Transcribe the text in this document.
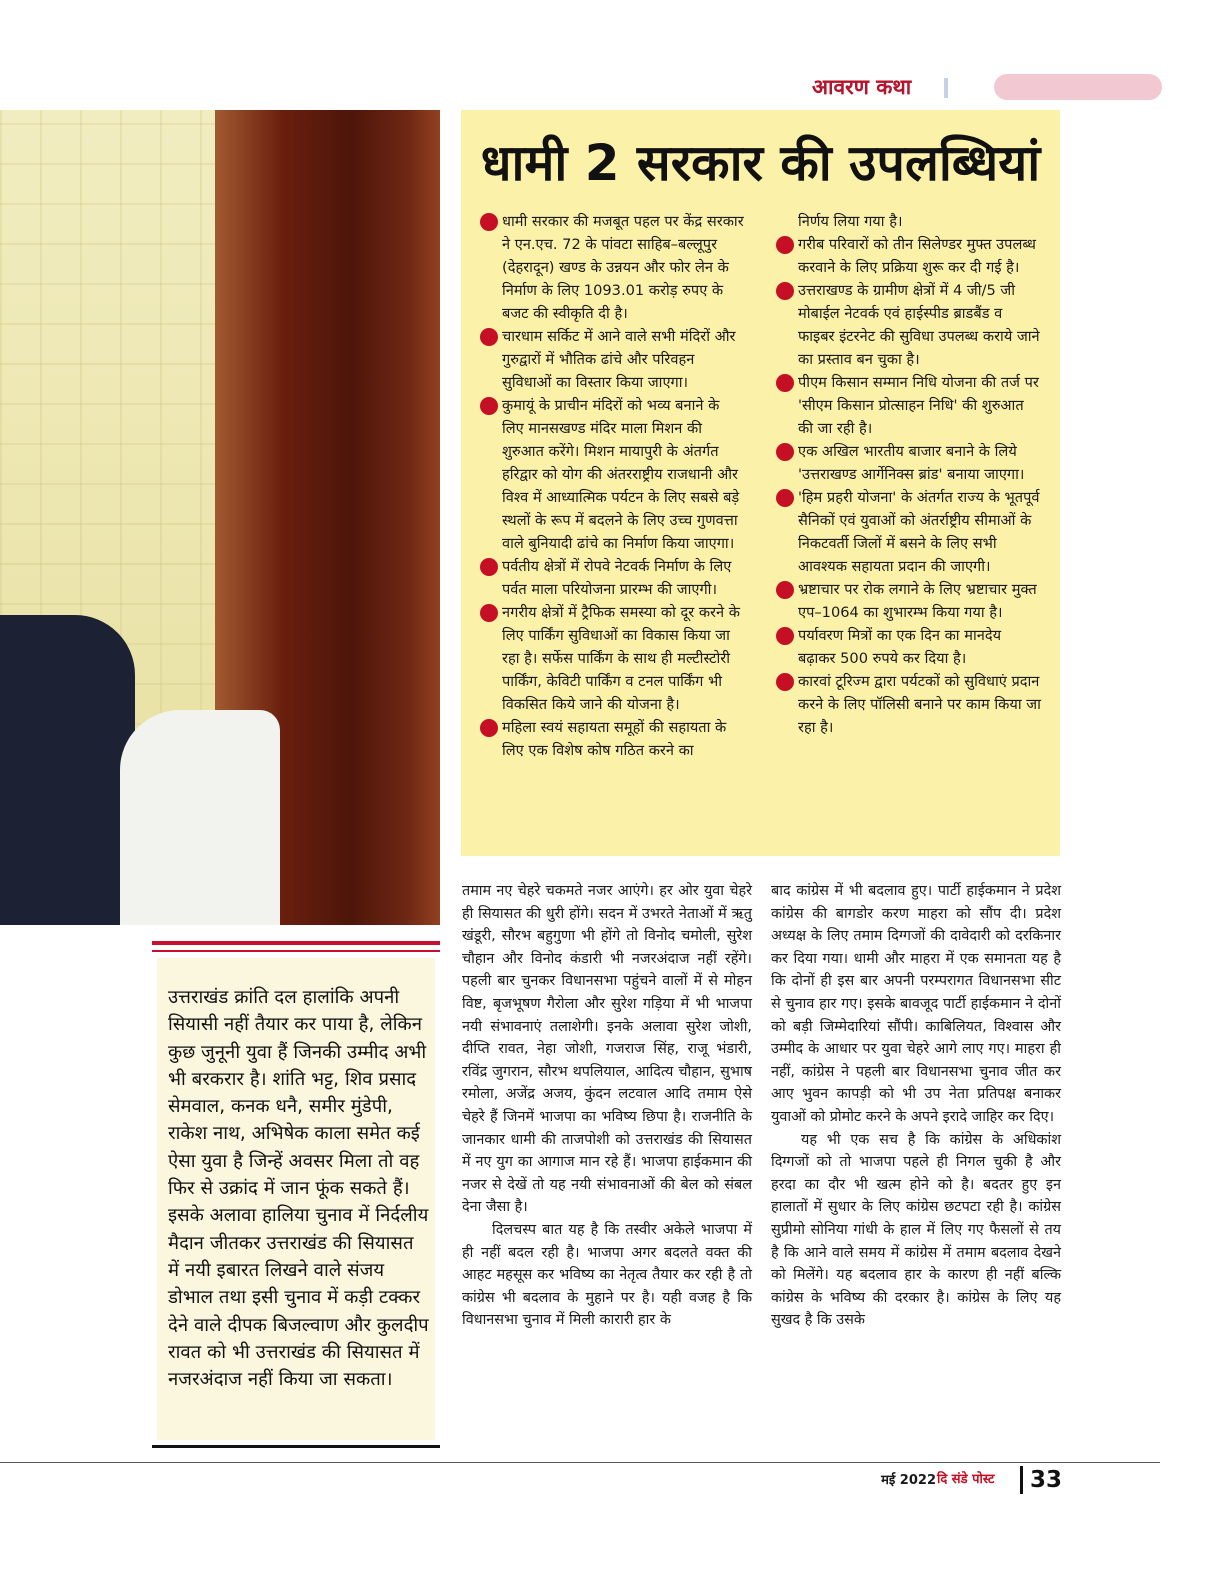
आवरण कथा
धामी 2 सरकार की उपलब्धियां

धामी सरकार की मजबूत पहल पर केंद्र सरकार ने एन.एच. 72 के पांवटा साहिब–बल्लूपुर (देहरादून) खण्ड के उन्नयन और फोर लेन के निर्माण के लिए 1093.01 करोड़ रुपए के बजट की स्वीकृति दी है।

चारधाम सर्किट में आने वाले सभी मंदिरों और गुरुद्वारों में भौतिक ढांचे और परिवहन सुविधाओं का विस्तार किया जाएगा।

कुमायूं के प्राचीन मंदिरों को भव्य बनाने के लिए मानसखण्ड मंदिर माला मिशन की शुरुआत करेंगे। मिशन मायापुरी के अंतर्गत हरिद्वार को योग की अंतरराष्ट्रीय राजधानी और विश्व में आध्यात्मिक पर्यटन के लिए सबसे बड़े स्थलों के रूप में बदलने के लिए उच्च गुणवत्ता वाले बुनियादी ढांचे का निर्माण किया जाएगा।

पर्वतीय क्षेत्रों में रोपवे नेटवर्क निर्माण के लिए पर्वत माला परियोजना प्रारम्भ की जाएगी।

नगरीय क्षेत्रों में ट्रैफिक समस्या को दूर करने के लिए पार्किंग सुविधाओं का विकास किया जा रहा है। सर्फेस पार्किंग के साथ ही मल्टीस्टोरी पार्किंग, केविटी पार्किंग व टनल पार्किंग भी विकसित किये जाने की योजना है।

महिला स्वयं सहायता समूहों की सहायता के लिए एक विशेष कोष गठित करने का

निर्णय लिया गया है।

गरीब परिवारों को तीन सिलेण्डर मुफ्त उपलब्ध करवाने के लिए प्रक्रिया शुरू कर दी गई है।

उत्तराखण्ड के ग्रामीण क्षेत्रों में 4 जी/5 जी मोबाईल नेटवर्क एवं हाईस्पीड ब्राडबैंड व फाइबर इंटरनेट की सुविधा उपलब्ध कराये जाने का प्रस्ताव बन चुका है।

पीएम किसान सम्मान निधि योजना की तर्ज पर 'सीएम किसान प्रोत्साहन निधि' की शुरुआत की जा रही है।

एक अखिल भारतीय बाजार बनाने के लिये 'उत्तराखण्ड आर्गेनिक्स ब्रांड' बनाया जाएगा।

'हिम प्रहरी योजना' के अंतर्गत राज्य के भूतपूर्व सैनिकों एवं युवाओं को अंतर्राष्ट्रीय सीमाओं के निकटवर्ती जिलों में बसने के लिए सभी आवश्यक सहायता प्रदान की जाएगी।

भ्रष्टाचार पर रोक लगाने के लिए भ्रष्टाचार मुक्त एप–1064 का शुभारम्भ किया गया है।

पर्यावरण मित्रों का एक दिन का मानदेय बढ़ाकर 500 रुपये कर दिया है।

कारवां टूरिज्म द्वारा पर्यटकों को सुविधाएं प्रदान करने के लिए पॉलिसी बनाने पर काम किया जा रहा है।

उत्तराखंड क्रांति दल हालांकि अपनी सियासी नहीं तैयार कर पाया है, लेकिन कुछ जुनूनी युवा हैं जिनकी उम्मीद अभी भी बरकरार है। शांति भट्ट, शिव प्रसाद सेमवाल, कनक धनै, समीर मुंडेपी, राकेश नाथ, अभिषेक काला समेत कई ऐसा युवा है जिन्हें अवसर मिला तो वह फिर से उक्रांद में जान फूंक सकते हैं। इसके अलावा हालिया चुनाव में निर्दलीय मैदान जीतकर उत्तराखंड की सियासत में नयी इबारत लिखने वाले संजय डोभाल तथा इसी चुनाव में कड़ी टक्कर देने वाले दीपक बिजल्वाण और कुलदीप रावत को भी उत्तराखंड की सियासत में नजरअंदाज नहीं किया जा सकता।

तमाम नए चेहरे चकमते नजर आएंगे। हर ओर युवा चेहरे ही सियासत की धुरी होंगे। सदन में उभरते नेताओं में ऋतु खंडूरी, सौरभ बहुगुणा भी होंगे तो विनोद चमोली, सुरेश चौहान और विनोद कंडारी भी नजरअंदाज नहीं रहेंगे। पहली बार चुनकर विधानसभा पहुंचने वालों में से मोहन विष्ट, बृजभूषण गैरोला और सुरेश गड़िया में भी भाजपा नयी संभावनाएं तलाशेगी। इनके अलावा सुरेश जोशी, दीप्ति रावत, नेहा जोशी, गजराज सिंह, राजू भंडारी, रविंद्र जुगरान, सौरभ थपलियाल, आदित्य चौहान, सुभाष रमोला, अजेंद्र अजय, कुंदन लटवाल आदि तमाम ऐसे चेहरे हैं जिनमें भाजपा का भविष्य छिपा है। राजनीति के जानकार धामी की ताजपोशी को उत्तराखंड की सियासत में नए युग का आगाज मान रहे हैं। भाजपा हाईकमान की नजर से देखें तो यह नयी संभावनाओं की बेल को संबल देना जैसा है।

दिलचस्प बात यह है कि तस्वीर अकेले भाजपा में ही नहीं बदल रही है। भाजपा अगर बदलते वक्त की आहट महसूस कर भविष्य का नेतृत्व तैयार कर रही है तो कांग्रेस भी बदलाव के मुहाने पर है। यही वजह है कि विधानसभा चुनाव में मिली कारारी हार के

बाद कांग्रेस में भी बदलाव हुए। पार्टी हाईकमान ने प्रदेश कांग्रेस की बागडोर करण माहरा को सौंप दी। प्रदेश अध्यक्ष के लिए तमाम दिग्गजों की दावेदारी को दरकिनार कर दिया गया। धामी और माहरा में एक समानता यह है कि दोनों ही इस बार अपनी परम्परागत विधानसभा सीट से चुनाव हार गए। इसके बावजूद पार्टी हाईकमान ने दोनों को बड़ी जिम्मेदारियां सौंपी। काबिलियत, विश्वास और उम्मीद के आधार पर युवा चेहरे आगे लाए गए। माहरा ही नहीं, कांग्रेस ने पहली बार विधानसभा चुनाव जीत कर आए भुवन कापड़ी को भी उप नेता प्रतिपक्ष बनाकर युवाओं को प्रोमोट करने के अपने इरादे जाहिर कर दिए।

यह भी एक सच है कि कांग्रेस के अधिकांश दिग्गजों को तो भाजपा पहले ही निगल चुकी है और हरदा का दौर भी खत्म होने को है। बदतर हुए इन हालातों में सुधार के लिए कांग्रेस छटपटा रही है। कांग्रेस सुप्रीमो सोनिया गांधी के हाल में लिए गए फैसलों से तय है कि आने वाले समय में कांग्रेस में तमाम बदलाव देखने को मिलेंगे। यह बदलाव हार के कारण ही नहीं बल्कि कांग्रेस के भविष्य की दरकार है। कांग्रेस के लिए यह सुखद है कि उसके

मई 2022 दि संडे पोस्ट	33
